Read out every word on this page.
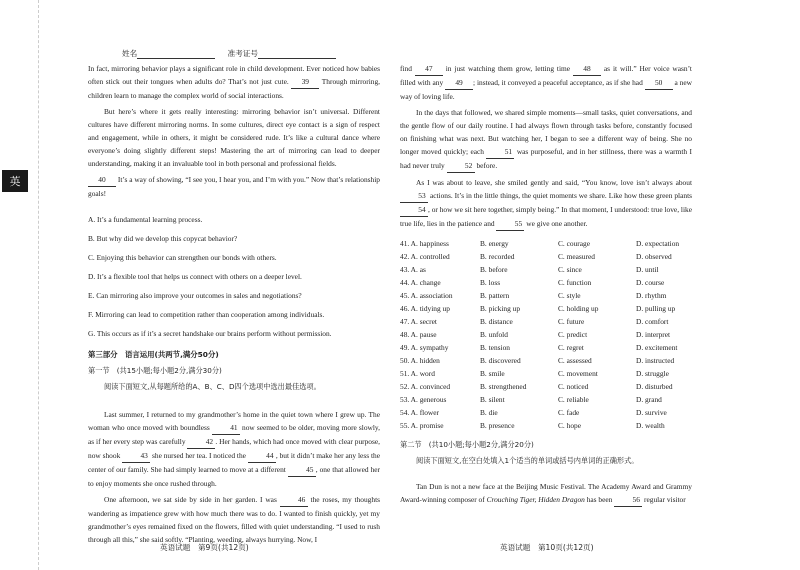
英
姓名	准考证号

In fact, mirroring behavior plays a significant role in child development. Ever noticed how babies often stick out their tongues when adults do? That’s not just cute. 39 Through mirroring, children learn to manage the complex world of social interactions.

But here’s where it gets really interesting: mirroring behavior isn’t universal. Different cultures have different mirroring norms. In some cultures, direct eye contact is a sign of respect and engagement, while in others, it might be considered rude. It’s like a cultural dance where everyone’s doing slightly different steps! Mastering the art of mirroring can lead to deeper understanding, making it an invaluable tool in both personal and professional fields.

40 It’s a way of showing, “I see you, I hear you, and I’m with you.” Now that’s relationship goals!

A. It’s a fundamental learning process.

B. But why did we develop this copycat behavior?

C. Enjoying this behavior can strengthen our bonds with others.

D. It’s a flexible tool that helps us connect with others on a deeper level.

E. Can mirroring also improve your outcomes in sales and negotiations?

F. Mirroring can lead to competition rather than cooperation among individuals.

G. This occurs as if it’s a secret handshake our brains perform without permission.

第三部分　语言运用(共两节,满分50分)
第一节　(共15小题;每小题2分,满分30分)
阅读下面短文,从每题所给的A、B、C、D四个选项中选出最佳选项。

Last summer, I returned to my grandmother’s home in the quiet town where I grew up. The woman who once moved with boundless 41 now seemed to be older, moving more slowly, as if her every step was carefully 42 . Her hands, which had once moved with clear purpose, now shook 43 she nursed her tea. I noticed the 44 , but it didn’t make her any less the center of our family. She had simply learned to move at a different 45 , one that allowed her to enjoy moments she once rushed through.

One afternoon, we sat side by side in her garden. I was 46 the roses, my thoughts wandering as impatience grew with how much there was to do. I wanted to finish quickly, yet my grandmother’s eyes remained fixed on the flowers, filled with quiet understanding. “I used to rush through all this,” she said softly. “Planting, weeding, always hurrying. Now, I

find 47 in just watching them grow, letting time 48 as it will.” Her voice wasn’t filled with any 49 ; instead, it conveyed a peaceful acceptance, as if she had 50 a new way of loving life.

In the days that followed, we shared simple moments—small tasks, quiet conversations, and the gentle flow of our daily routine. I had always flown through tasks before, constantly focused on finishing what was next. But watching her, I began to see a different way of being. She no longer moved quickly; each 51 was purposeful, and in her stillness, there was a warmth I had never truly 52 before.

As I was about to leave, she smiled gently and said, “You know, love isn’t always about 53 actions. It’s in the little things, the quiet moments we share. Like how these green plants 54 , or how we sit here together, simply being.” In that moment, I understood: true love, like true life, lies in the patience and 55 we give one another.

41. A. happiness	B. energy	C. courage	D. expectation
42. A. controlled	B. recorded	C. measured	D. observed
43. A. as	B. before	C. since	D. until
44. A. change	B. loss	C. function	D. course
45. A. association	B. pattern	C. style	D. rhythm
46. A. tidying up	B. picking up	C. holding up	D. pulling up
47. A. secret	B. distance	C. future	D. comfort
48. A. pause	B. unfold	C. predict	D. interpret
49. A. sympathy	B. tension	C. regret	D. excitement
50. A. hidden	B. discovered	C. assessed	D. instructed
51. A. word	B. smile	C. movement	D. struggle
52. A. convinced	B. strengthened	C. noticed	D. disturbed
53. A. generous	B. silent	C. reliable	D. grand
54. A. flower	B. die	C. fade	D. survive
55. A. promise	B. presence	C. hope	D. wealth
第二节　(共10小题;每小题2分,满分20分)
阅读下面短文,在空白处填入1个适当的单词或括号内单词的正确形式。

Tan Dun is not a new face at the Beijing Music Festival. The Academy Award and Grammy Award-winning composer of Crouching Tiger, Hidden Dragon has been 56 regular visitor

英语试题　第9页(共12页)	英语试题　第10页(共12页)
